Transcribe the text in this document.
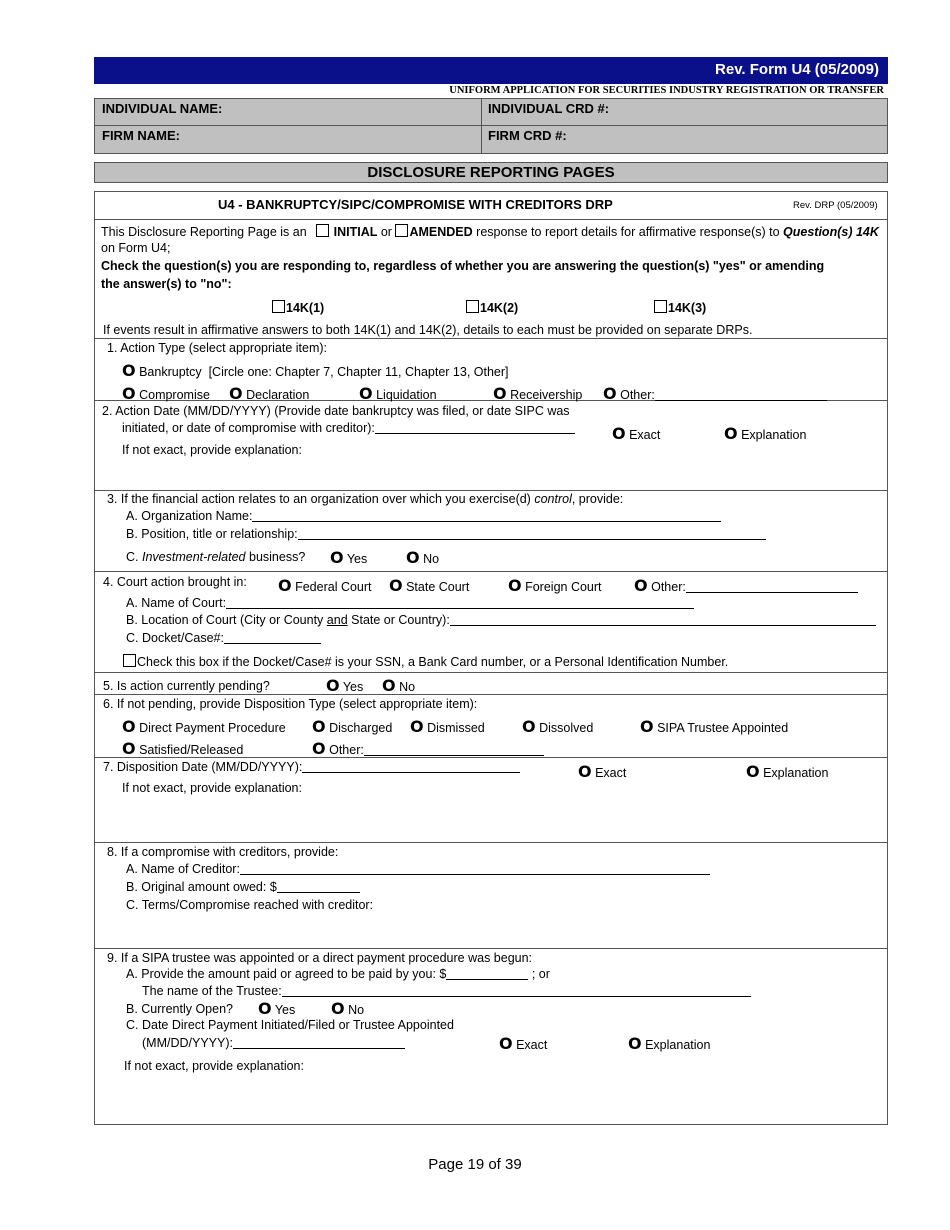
Rev. Form U4 (05/2009)
UNIFORM APPLICATION FOR SECURITIES INDUSTRY REGISTRATION OR TRANSFER
INDIVIDUAL NAME:	INDIVIDUAL CRD #:
FIRM NAME:	FIRM CRD #:
DISCLOSURE REPORTING PAGES
U4 - BANKRUPTCY/SIPC/COMPROMISE WITH CREDITORS DRP	Rev. DRP (05/2009)
This Disclosure Reporting Page is an INITIAL or AMENDED response to report details for affirmative response(s) to Question(s) 14K
on Form U4;
Check the question(s) you are responding to, regardless of whether you are answering the question(s) "yes" or amending
the answer(s) to "no":
14K(1)	14K(2)	14K(3)
If events result in affirmative answers to both 14K(1) and 14K(2), details to each must be provided on separate DRPs.
1. Action Type (select appropriate item):
O Bankruptcy [Circle one: Chapter 7, Chapter 11, Chapter 13, Other]
O Compromise O Declaration	O Liquidation	O Receivership O Other:
2. Action Date (MM/DD/YYYY) (Provide date bankruptcy was filed, or date SIPC was
initiated, or date of compromise with creditor):	O Exact	O Explanation
If not exact, provide explanation:
3. If the financial action relates to an organization over which you exercise(d) control, provide:
A. Organization Name:
B. Position, title or relationship:
C. Investment-related business? O Yes O No
4. Court action brought in: O Federal Court O State Court O Foreign Court O Other:
A. Name of Court:
B. Location of Court (City or County and State or Country):
C. Docket/Case#:
Check this box if the Docket/Case# is your SSN, a Bank Card number, or a Personal Identification Number.
5. Is action currently pending?	O Yes O No
6. If not pending, provide Disposition Type (select appropriate item):
O Direct Payment Procedure O Discharged O Dismissed O Dissolved	O SIPA Trustee Appointed
O Satisfied/Released	O Other:
7. Disposition Date (MM/DD/YYYY):	O Exact	O Explanation
If not exact, provide explanation:
8. If a compromise with creditors, provide:
A. Name of Creditor:
B. Original amount owed: $
C. Terms/Compromise reached with creditor:
9. If a SIPA trustee was appointed or a direct payment procedure was begun:
A. Provide the amount paid or agreed to be paid by you: $	; or
The name of the Trustee:
B. Currently Open? O Yes O No
C. Date Direct Payment Initiated/Filed or Trustee Appointed
(MM/DD/YYYY):	O Exact	O Explanation
If not exact, provide explanation:
Page 19 of 39
